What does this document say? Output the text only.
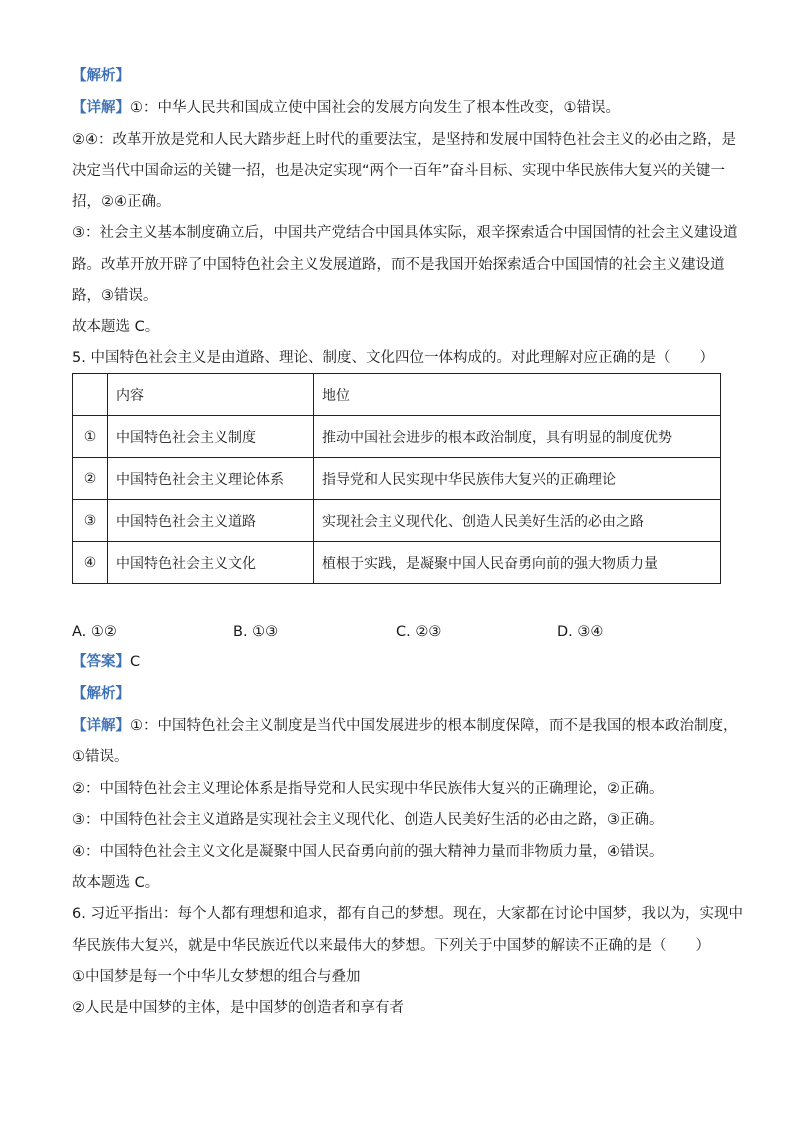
【解析】
【详解】①：中华人民共和国成立使中国社会的发展方向发生了根本性改变，①错误。
②④：改革开放是党和人民大踏步赶上时代的重要法宝，是坚持和发展中国特色社会主义的必由之路，是
决定当代中国命运的关键一招，也是决定实现“两个一百年”奋斗目标、实现中华民族伟大复兴的关键一
招，②④正确。
③：社会主义基本制度确立后，中国共产党结合中国具体实际，艰辛探索适合中国国情的社会主义建设道
路。改革开放开辟了中国特色社会主义发展道路，而不是我国开始探索适合中国国情的社会主义建设道
路，③错误。
故本题选 C。
5. 中国特色社会主义是由道路、理论、制度、文化四位一体构成的。对此理解对应正确的是（　　）
	内容	地位
①	中国特色社会主义制度	推动中国社会进步的根本政治制度，具有明显的制度优势
②	中国特色社会主义理论体系	指导党和人民实现中华民族伟大复兴的正确理论
③	中国特色社会主义道路	实现社会主义现代化、创造人民美好生活的必由之路
④	中国特色社会主义文化	植根于实践，是凝聚中国人民奋勇向前的强大物质力量
A. ①②	B. ①③	C. ②③	D. ③④
【答案】C
【解析】
【详解】①：中国特色社会主义制度是当代中国发展进步的根本制度保障，而不是我国的根本政治制度，
①错误。
②：中国特色社会主义理论体系是指导党和人民实现中华民族伟大复兴的正确理论，②正确。
③：中国特色社会主义道路是实现社会主义现代化、创造人民美好生活的必由之路，③正确。
④：中国特色社会主义文化是凝聚中国人民奋勇向前的强大精神力量而非物质力量，④错误。
故本题选 C。
6. 习近平指出：每个人都有理想和追求，都有自己的梦想。现在，大家都在讨论中国梦，我以为，实现中
华民族伟大复兴，就是中华民族近代以来最伟大的梦想。下列关于中国梦的解读不正确的是（　　）
①中国梦是每一个中华儿女梦想的组合与叠加
②人民是中国梦的主体，是中国梦的创造者和享有者
